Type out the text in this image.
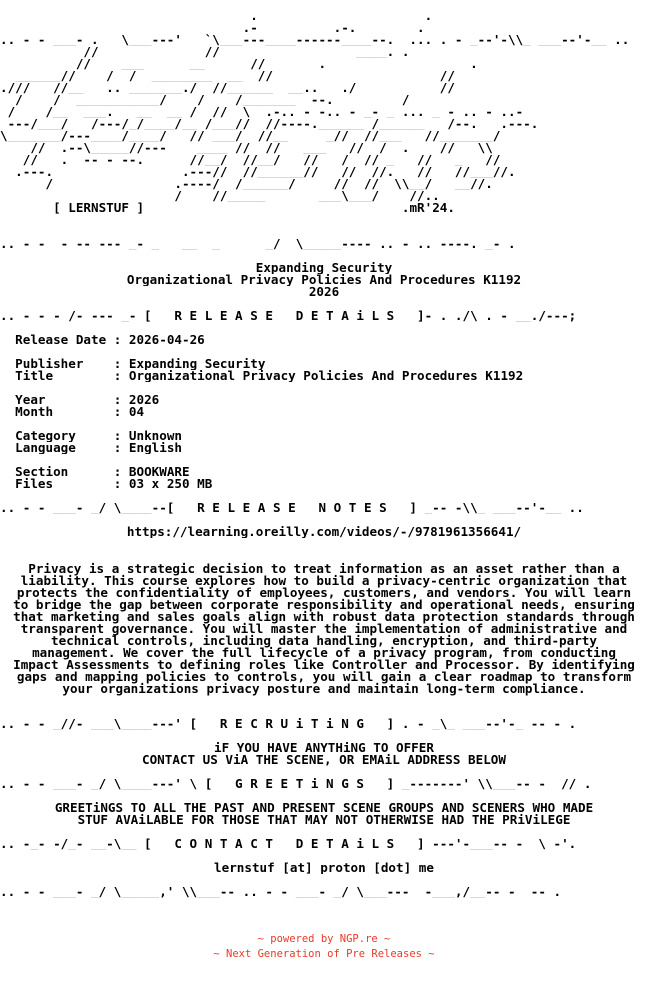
.                      .
.-          .-.        .
.. - - ___- .   \___---'   `\___---____------____--.  ... . - _--'-\\_ ___--'-__ ..
//              //                  ____. .
//    ___      __      //       .                   .
______//    /  /  ________  __  //                      //
.///   //__   .. _______./  //______  __..   ./           //
/    /  ___________/    /    /_______  --.         /
/    /__  ___.   __  __ /  //  \  .-.. - -.. - _- _ ... _ - .. - ..-
---/___/   /---/_/____/__ /___//  //----.______ /______   /--.   .---.
\_______/---____/____/   // ___/  //__     _//  //___   //_______/
//  .--\_____//---    ____ //  //   ___   //  /  .    //   \\
//   .  -- - --.      //__/  //__/   //   /  // _   //   _   //
.---.                 .---//  //______//   //  //.   //   //___//.
/                .----/  /______/     //  //  \\__/   __//.
/    //_____       ___\___/    //..
[ LERNSTUF ]	.mR'24.

.. - -  - -- --- _- _   __  _      _/  \_____---- .. - .. ----. _- .

Expanding Security
Organizational Privacy Policies And Procedures K1192
2026

.. - - - /- --- _- [   R E L E A S E   D E T A i L S   ]- . ./\ . - __./---;

Release Date : 2026-04-26

Publisher    : Expanding Security
Title        : Organizational Privacy Policies And Procedures K1192

Year         : 2026
Month        : 04

Category     : Unknown
Language     : English

Section      : BOOKWARE
Files        : 03 x 250 MB

.. - - ___- _/ \____--[   R E L E A S E   N O T E S   ] _-- -\\_ ___--'-__ ..

https://learning.oreilly.com/videos/-/9781961356641/
Privacy is a strategic decision to treat information as an asset rather than a liability. This course explores how to build a privacy-centric organization that protects the confidentiality of employees, customers, and vendors. You will learn to bridge the gap between corporate responsibility and operational needs, ensuring that marketing and sales goals align with robust data protection standards through transparent governance. You will master the implementation of administrative and technical controls, including data handling, encryption, and third-party management. We cover the full lifecycle of a privacy program, from conducting Impact Assessments to defining roles like Controller and Processor. By identifying gaps and mapping policies to controls, you will gain a clear roadmap to transform your organizations privacy posture and maintain long-term compliance.
.. - - _//- ___\____---' [   R E C R U i T i N G   ] . - _\_ ___--'-_ -- - .

iF YOU HAVE ANYTHiNG TO OFFER
CONTACT US ViA THE SCENE, OR EMAiL ADDRESS BELOW

.. - - ___- _/ \____---' \ [   G R E E T i N G S   ] _-------' \\___-- -  // .

GREETiNGS TO ALL THE PAST AND PRESENT SCENE GROUPS AND SCENERS WHO MADE
STUF AVAiLABLE FOR THOSE THAT MAY NOT OTHERWISE HAD THE PRiViLEGE

.. -_- -/_- __-\__ [   C O N T A C T   D E T A i L S   ] ---'-___-- -  \ -'.

lernstuf [at] proton [dot] me

.. - - ___- _/ \_____,' \\___-- .. - - ___- _/ \___---  -___,/__-- -  -- .
~ powered by NGP.re ~
~ Next Generation of Pre Releases ~
